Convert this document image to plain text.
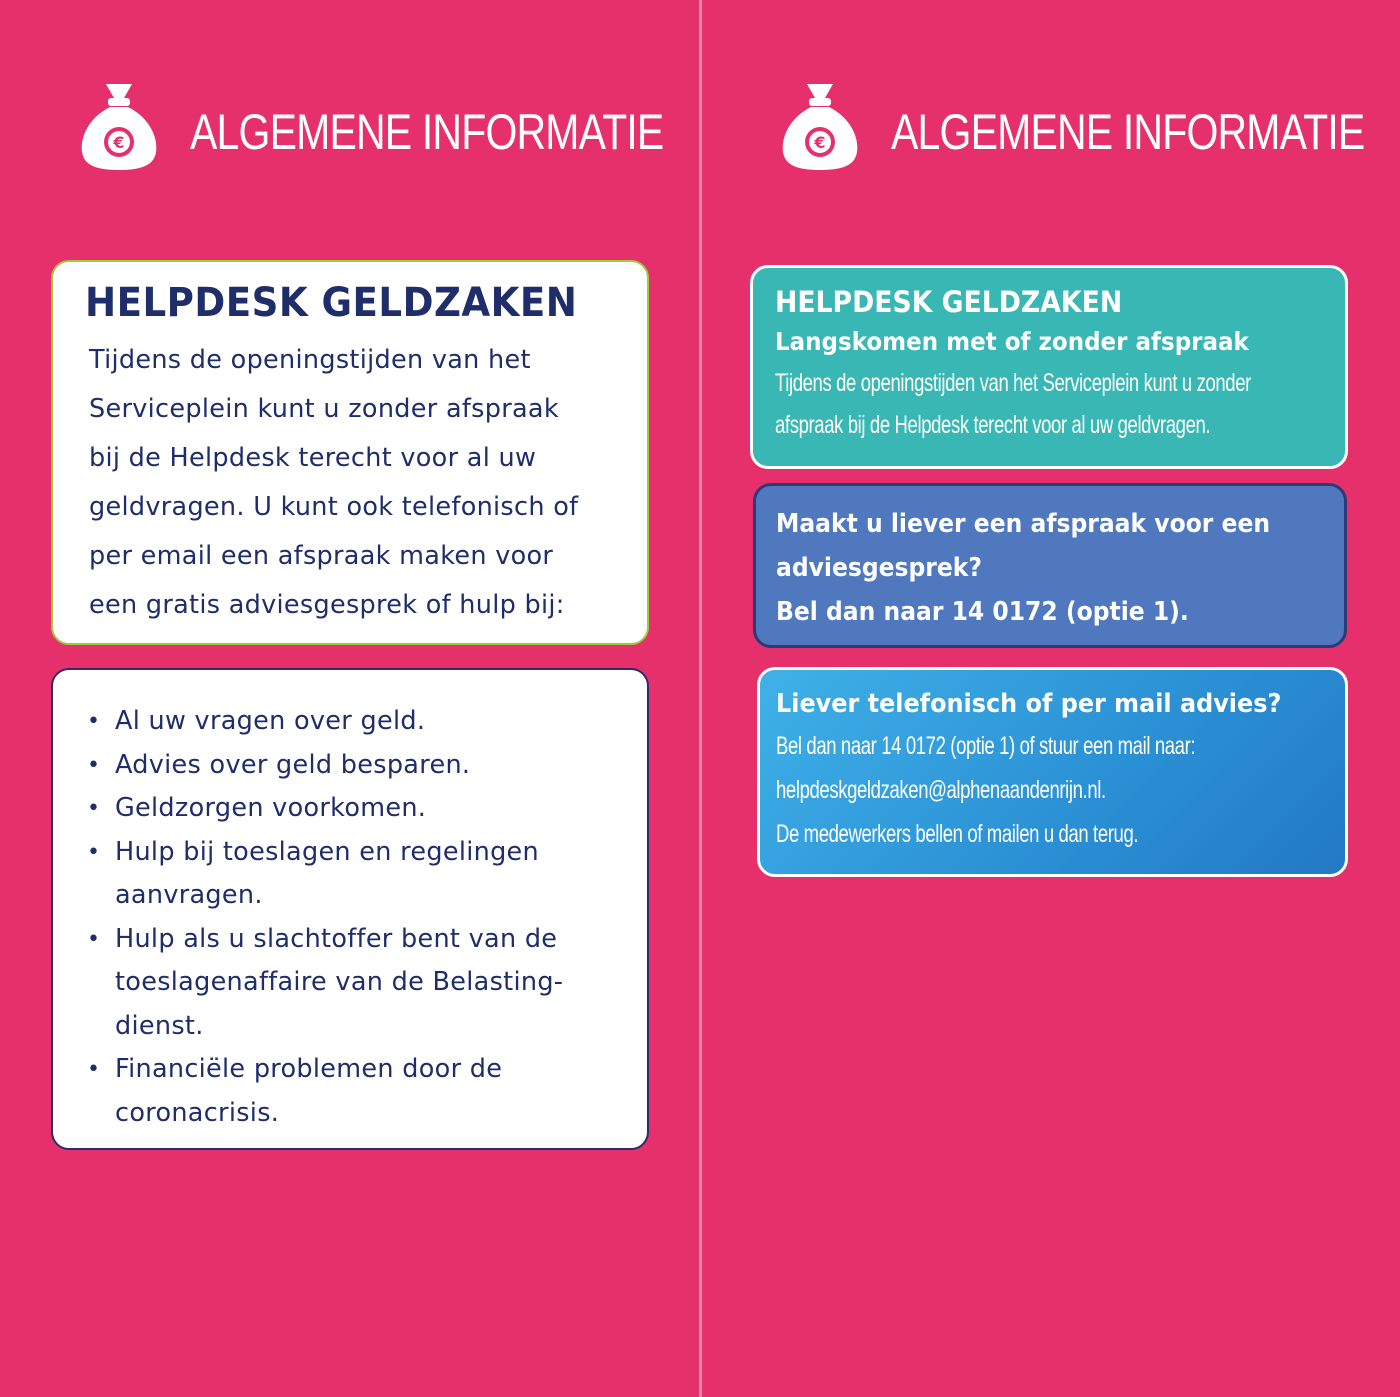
€ ALGEMENE INFORMATIE
HELPDESK GELDZAKEN

Tijdens de openingstijden van het
Serviceplein kunt u zonder afspraak
bij de Helpdesk terecht voor al uw
geldvragen. U kunt ook telefonisch of
per email een afspraak maken voor
een gratis adviesgesprek of hulp bij:

• Al uw vragen over geld.
• Advies over geld besparen.
• Geldzorgen voorkomen.
• Hulp bij toeslagen en regelingen
aanvragen.
• Hulp als u slachtoffer bent van de
toeslagenaffaire van de Belasting-
dienst.
• Financiële problemen door de
coronacrisis.
€ ALGEMENE INFORMATIE

HELPDESK GELDZAKEN

Langskomen met of zonder afspraak

Tijdens de openingstijden van het Serviceplein kunt u zonder

afspraak bij de Helpdesk terecht voor al uw geldvragen.

Maakt u liever een afspraak voor een

adviesgesprek?

Bel dan naar 14 0172 (optie 1).

Liever telefonisch of per mail advies?

Bel dan naar 14 0172 (optie 1) of stuur een mail naar:

helpdeskgeldzaken@alphenaandenrijn.nl.

De medewerkers bellen of mailen u dan terug.
